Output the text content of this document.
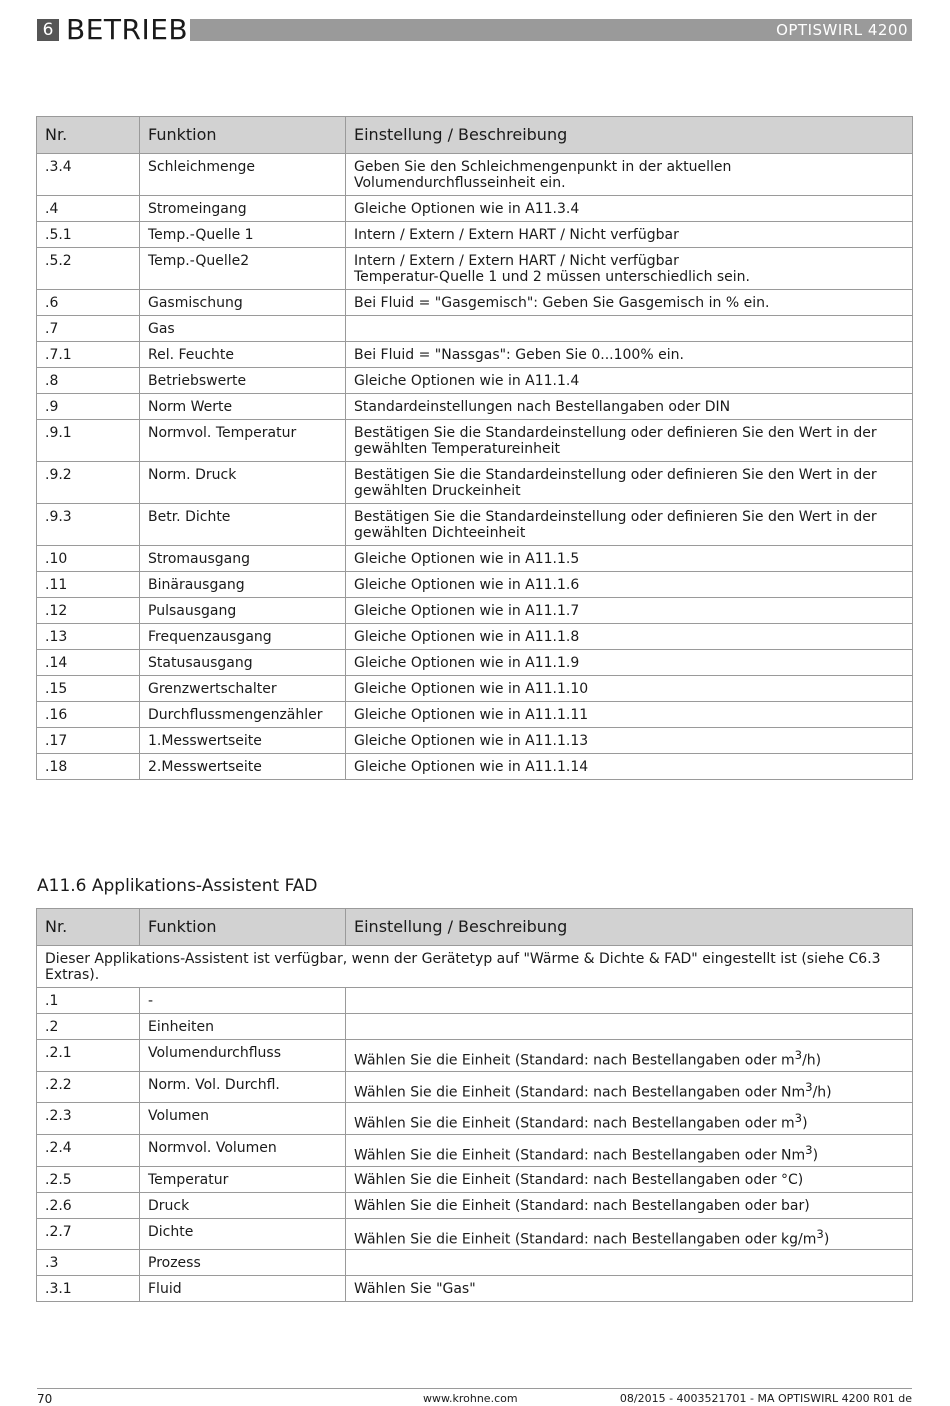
6 BETRIEB	OPTISWIRL 4200
Nr.	Funktion	Einstellung / Beschreibung
.3.4	Schleichmenge	Geben Sie den Schleichmengenpunkt in der aktuellen
Volumendurchflusseinheit ein.
.4	Stromeingang	Gleiche Optionen wie in A11.3.4
.5.1	Temp.-Quelle 1	Intern / Extern / Extern HART / Nicht verfügbar
.5.2	Temp.-Quelle2	Intern / Extern / Extern HART / Nicht verfügbar
Temperatur-Quelle 1 und 2 müssen unterschiedlich sein.
.6	Gasmischung	Bei Fluid = "Gasgemisch": Geben Sie Gasgemisch in % ein.
.7	Gas	
.7.1	Rel. Feuchte	Bei Fluid = "Nassgas": Geben Sie 0...100% ein.
.8	Betriebswerte	Gleiche Optionen wie in A11.1.4
.9	Norm Werte	Standardeinstellungen nach Bestellangaben oder DIN
.9.1	Normvol. Temperatur	Bestätigen Sie die Standardeinstellung oder definieren Sie den Wert in der
gewählten Temperatureinheit
.9.2	Norm. Druck	Bestätigen Sie die Standardeinstellung oder definieren Sie den Wert in der
gewählten Druckeinheit
.9.3	Betr. Dichte	Bestätigen Sie die Standardeinstellung oder definieren Sie den Wert in der
gewählten Dichteeinheit
.10	Stromausgang	Gleiche Optionen wie in A11.1.5
.11	Binärausgang	Gleiche Optionen wie in A11.1.6
.12	Pulsausgang	Gleiche Optionen wie in A11.1.7
.13	Frequenzausgang	Gleiche Optionen wie in A11.1.8
.14	Statusausgang	Gleiche Optionen wie in A11.1.9
.15	Grenzwertschalter	Gleiche Optionen wie in A11.1.10
.16	Durchflussmengenzähler	Gleiche Optionen wie in A11.1.11
.17	1.Messwertseite	Gleiche Optionen wie in A11.1.13
.18	2.Messwertseite	Gleiche Optionen wie in A11.1.14
A11.6 Applikations-Assistent FAD
Nr.	Funktion	Einstellung / Beschreibung
Dieser Applikations-Assistent ist verfügbar, wenn der Gerätetyp auf "Wärme & Dichte & FAD" eingestellt ist (siehe C6.3
Extras).		
.1	-	
.2	Einheiten	
.2.1	Volumendurchfluss	Wählen Sie die Einheit (Standard: nach Bestellangaben oder $m^3/h$)
.2.2	Norm. Vol. Durchfl.	Wählen Sie die Einheit (Standard: nach Bestellangaben oder Nm$^3$/h)
.2.3	Volumen	Wählen Sie die Einheit (Standard: nach Bestellangaben oder $m^3$)
.2.4	Normvol. Volumen	Wählen Sie die Einheit (Standard: nach Bestellangaben oder Nm$^3$)
.2.5	Temperatur	Wählen Sie die Einheit (Standard: nach Bestellangaben oder °C)
.2.6	Druck	Wählen Sie die Einheit (Standard: nach Bestellangaben oder bar)
.2.7	Dichte	Wählen Sie die Einheit (Standard: nach Bestellangaben oder $kg/m^3$)
.3	Prozess	
.3.1	Fluid	Wählen Sie "Gas"
70	www.krohne.com	08/2015 - 4003521701 - MA OPTISWIRL 4200 R01 de
